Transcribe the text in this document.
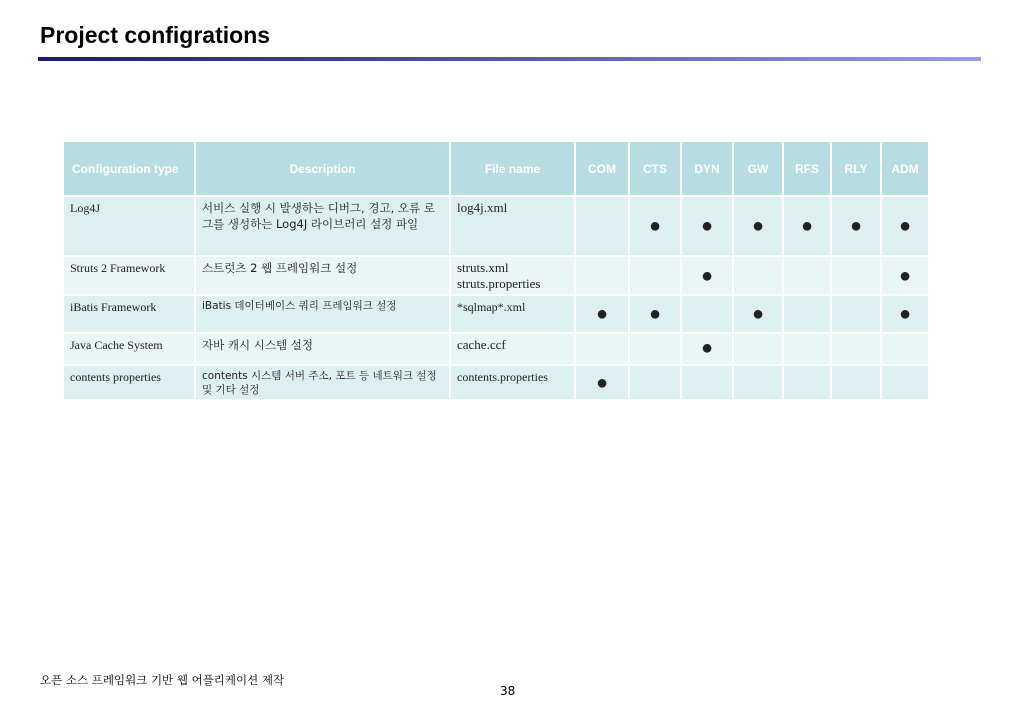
Project configrations
Configuration type	Description	File name	COM	CTS	DYN	GW	RFS	RLY	ADM
Log4J	서비스 실행 시 발생하는 디버그, 경고, 오류 로그를 생성하는 Log4J 라이브러리 설정 파일	log4j.xml		●	●	●	●	●	●
Struts 2 Framework	스트럿츠 2 웹 프레임워크 설정	struts.xml struts.properties			●				●
iBatis Framework	iBatis 데이터베이스 쿼리 프레임워크 설정	*sqlmap*.xml	●	●		●			●
Java Cache System	자바 캐시 시스템 설정	cache.ccf			●				
contents properties	contents 시스템 서버 주소, 포트 등 네트워크 설정 및 기타 설정	contents.properties	●						
오픈 소스 프레임워크 기반 웹 어플리케이션 제작
38
